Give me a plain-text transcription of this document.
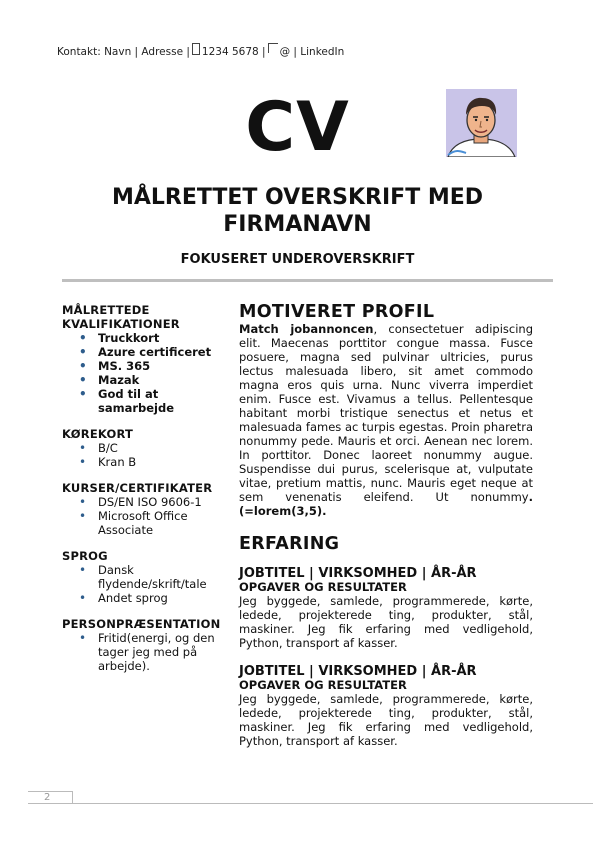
Kontakt: Navn | Adresse | 1234 5678 | @ | LinkedIn
CV
MÅLRETTET OVERSKRIFT MED
FIRMANAVN
FOKUSERET UNDEROVERSKRIFT
MÅLRETTEDE
KVALIFIKATIONER
• Truckkort
• Azure certificeret
• MS. 365
• Mazak
• God til at samarbejde
KØREKORT
• B/C
• Kran B
KURSER/CERTIFIKATER
• DS/EN ISO 9606-1
• Microsoft Office Associate
SPROG
• Dansk flydende/skrift/tale
• Andet sprog
PERSONPRÆSENTATION
• Fritid(energi, og den tager jeg med på arbejde).
MOTIVERET PROFIL

Match jobannoncen, consectetuer adipiscing elit. Maecenas porttitor congue massa. Fusce posuere, magna sed pulvinar ultricies, purus lectus malesuada libero, sit amet commodo magna eros quis urna. Nunc viverra imperdiet enim. Fusce est. Vivamus a tellus. Pellentesque habitant morbi tristique senectus et netus et malesuada fames ac turpis egestas. Proin pharetra nonummy pede. Mauris et orci. Aenean nec lorem. In porttitor. Donec laoreet nonummy augue. Suspendisse dui purus, scelerisque at, vulputate vitae, pretium mattis, nunc. Mauris eget neque at sem venenatis eleifend. Ut nonummy. (=lorem(3,5).

ERFARING
JOBTITEL | VIRKSOMHED | ÅR-ÅR
OPGAVER OG RESULTATER

Jeg byggede, samlede, programmerede, kørte, ledede, projekterede ting, produkter, stål, maskiner. Jeg fik erfaring med vedligehold, Python, transport af kasser.

JOBTITEL | VIRKSOMHED | ÅR-ÅR
OPGAVER OG RESULTATER

Jeg byggede, samlede, programmerede, kørte, ledede, projekterede ting, produkter, stål, maskiner. Jeg fik erfaring med vedligehold, Python, transport af kasser.

2
